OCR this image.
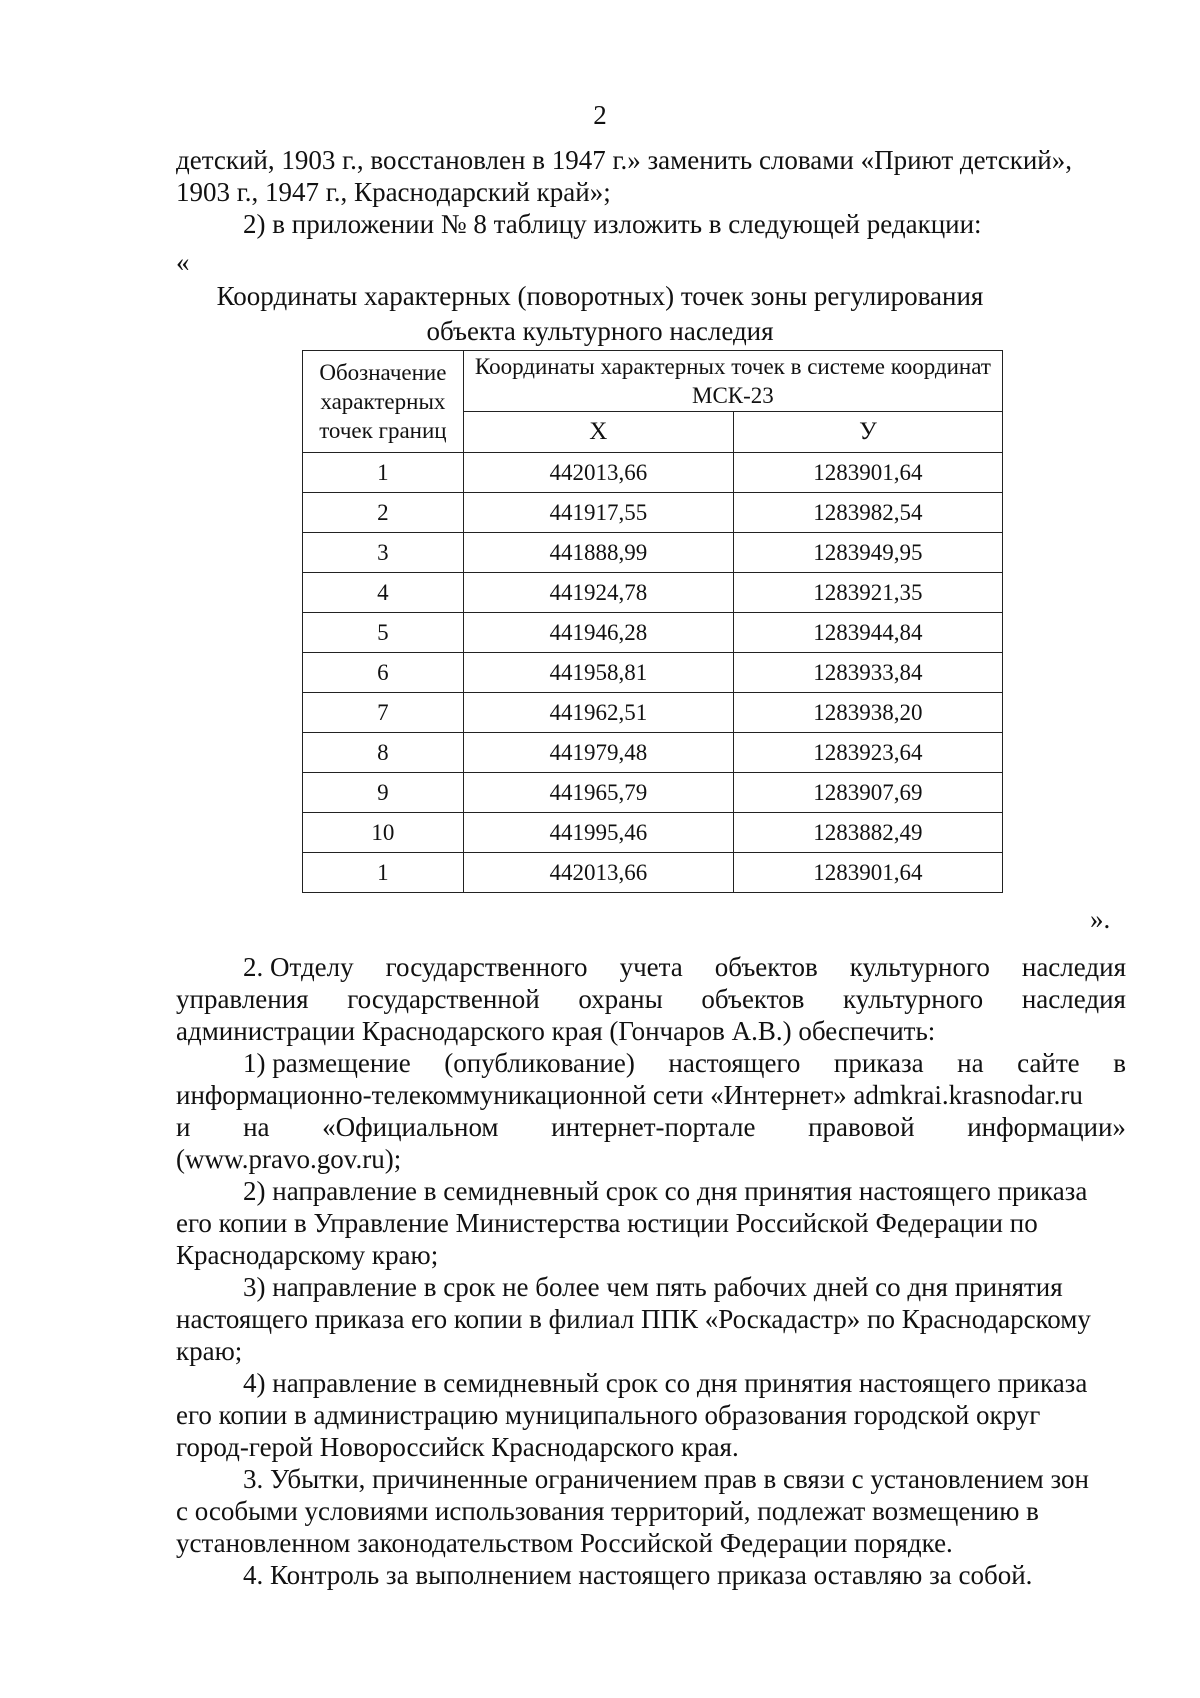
2
детский, 1903 г., восстановлен в 1947 г.» заменить словами «Приют детский»,
1903 г., 1947 г., Краснодарский край»;
2) в приложении № 8 таблицу изложить в следующей редакции:
«
Координаты характерных (поворотных) точек зоны регулирования
объекта культурного наследия
Обозначение характерных точек границ	Координаты характерных точек в системе координат МСК-23	
	Х	У
1	442013,66	1283901,64
2	441917,55	1283982,54
3	441888,99	1283949,95
4	441924,78	1283921,35
5	441946,28	1283944,84
6	441958,81	1283933,84
7	441962,51	1283938,20
8	441979,48	1283923,64
9	441965,79	1283907,69
10	441995,46	1283882,49
1	442013,66	1283901,64
».
2. Отделу государственного учета объектов культурного наследия
управления государственной охраны объектов культурного наследия
администрации Краснодарского края (Гончаров А.В.) обеспечить:
1) размещение (опубликование) настоящего приказа на сайте в
информационно-телекоммуникационной сети «Интернет» admkrai.krasnodar.ru
и на «Официальном интернет-портале правовой информации»
(www.pravo.gov.ru);
2) направление в семидневный срок со дня принятия настоящего приказа
его копии в Управление Министерства юстиции Российской Федерации по
Краснодарскому краю;
3) направление в срок не более чем пять рабочих дней со дня принятия
настоящего приказа его копии в филиал ППК «Роскадастр» по Краснодарскому
краю;
4) направление в семидневный срок со дня принятия настоящего приказа
его копии в администрацию муниципального образования городской округ
город-герой Новороссийск Краснодарского края.
3. Убытки, причиненные ограничением прав в связи с установлением зон
с особыми условиями использования территорий, подлежат возмещению в
установленном законодательством Российской Федерации порядке.
4. Контроль за выполнением настоящего приказа оставляю за собой.
